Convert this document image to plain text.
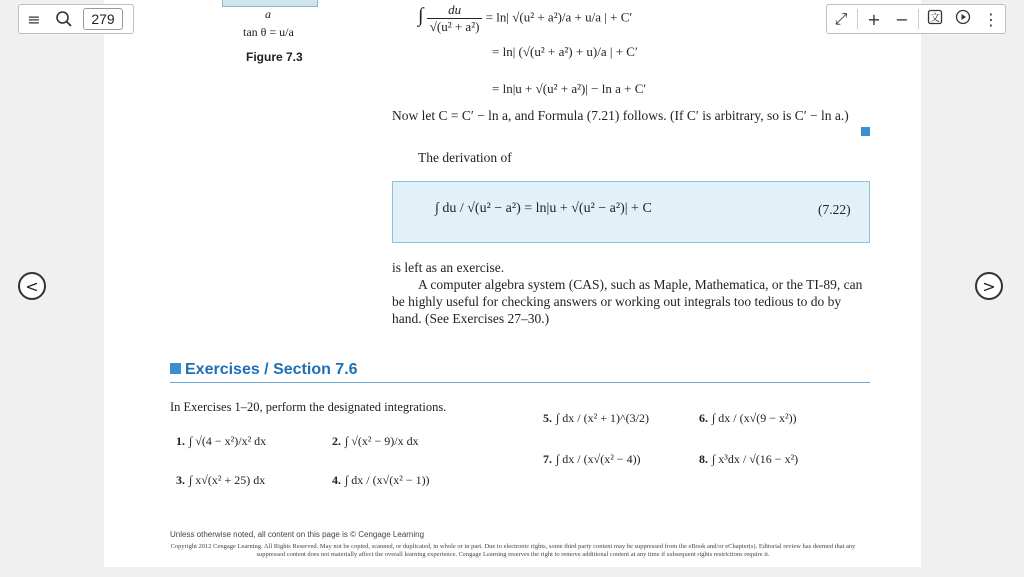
≡	279	⤢	+ −	文	⋮
<	>
a
tan θ = u/a
Figure 7.3
∫ $\frac{du}{\text{√(u² + a²)}} = \ln|$ √(u² + a²)/a + u/a | + C′
= ln| (√(u² + a²) + u)/a | + C′
= ln|u + √(u² + a²)| − ln a + C′
Now let C = C′ − ln a, and Formula (7.21) follows. (If C′ is arbitrary, so is C′ − ln a.)
The derivation of
∫ du / √(u² − a²) = ln|u + √(u² − a²)| + C	(7.22)
is left as an exercise.
A computer algebra system (CAS), such as Maple, Mathematica, or the TI-89, can be highly useful for checking answers or working out integrals too tedious to do by hand. (See Exercises 27–30.)
Exercises / Section 7.6
In Exercises 1–20, perform the designated integrations.
1. ∫ √(4 − x²)/x² dx	2. ∫ √(x² − 9)/x dx
3. ∫ x√(x² + 25) dx	4. ∫ dx / (x√(x² − 1))
5. ∫ dx / (x² + 1)^(3/2)	6. ∫ dx / (x√(9 − x²))
7. ∫ dx / (x√(x² − 4))	8. ∫ x³dx / √(16 − x²)
Unless otherwise noted, all content on this page is © Cengage Learning
Copyright 2012 Cengage Learning. All Rights Reserved. May not be copied, scanned, or duplicated, in whole or in part. Due to electronic rights, some third party content may be suppressed from the eBook and/or eChapter(s). Editorial review has deemed that any suppressed content does not materially affect the overall learning experience. Cengage Learning reserves the right to remove additional content at any time if subsequent rights restrictions require it.
